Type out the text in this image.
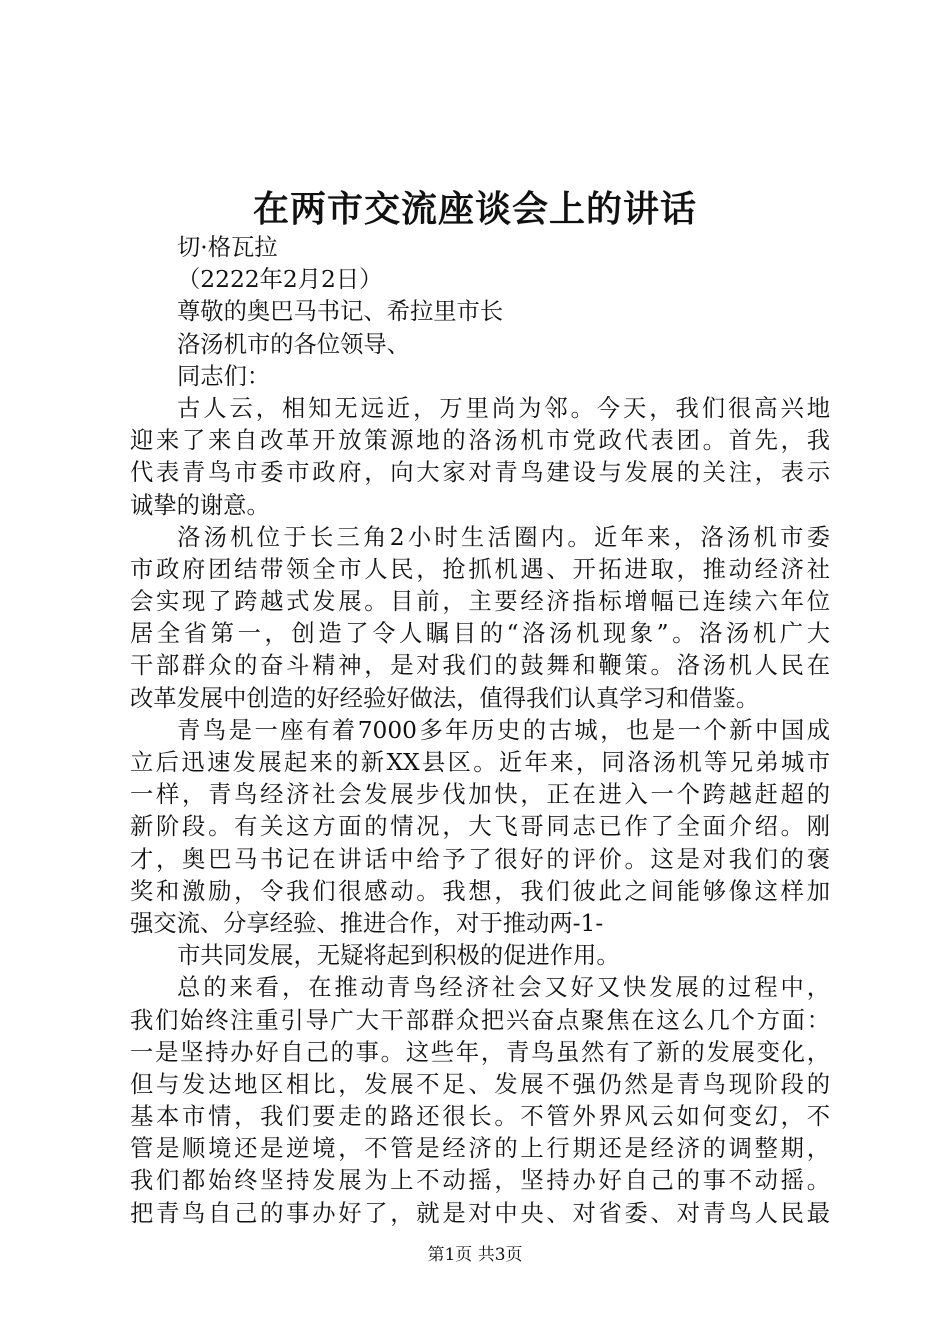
在两市交流座谈会上的讲话
切·格瓦拉
（2222年2月2日）
尊敬的奥巴马书记、希拉里市长
洛汤机市的各位领导、
同志们：
古人云，相知无远近，万里尚为邻。今天，我们很高兴地
迎来了来自改革开放策源地的洛汤机市党政代表团。首先，我
代表青鸟市委市政府，向大家对青鸟建设与发展的关注，表示
诚挚的谢意。
洛汤机位于长三角2小时生活圈内。近年来，洛汤机市委
市政府团结带领全市人民，抢抓机遇、开拓进取，推动经济社
会实现了跨越式发展。目前，主要经济指标增幅已连续六年位
居全省第一，创造了令人瞩目的“洛汤机现象”。洛汤机广大
干部群众的奋斗精神，是对我们的鼓舞和鞭策。洛汤机人民在
改革发展中创造的好经验好做法，值得我们认真学习和借鉴。
青鸟是一座有着7000多年历史的古城，也是一个新中国成
立后迅速发展起来的新XX县区。近年来，同洛汤机等兄弟城市
一样，青鸟经济社会发展步伐加快，正在进入一个跨越赶超的
新阶段。有关这方面的情况，大飞哥同志已作了全面介绍。刚
才，奥巴马书记在讲话中给予了很好的评价。这是对我们的褒
奖和激励，令我们很感动。我想，我们彼此之间能够像这样加
强交流、分享经验、推进合作，对于推动两-1-
市共同发展，无疑将起到积极的促进作用。
总的来看，在推动青鸟经济社会又好又快发展的过程中，
我们始终注重引导广大干部群众把兴奋点聚焦在这么几个方面：
一是坚持办好自己的事。这些年，青鸟虽然有了新的发展变化，
但与发达地区相比，发展不足、发展不强仍然是青鸟现阶段的
基本市情，我们要走的路还很长。不管外界风云如何变幻，不
管是顺境还是逆境，不管是经济的上行期还是经济的调整期，
我们都始终坚持发展为上不动摇，坚持办好自己的事不动摇。
把青鸟自己的事办好了，就是对中央、对省委、对青鸟人民最
第1页 共3页
